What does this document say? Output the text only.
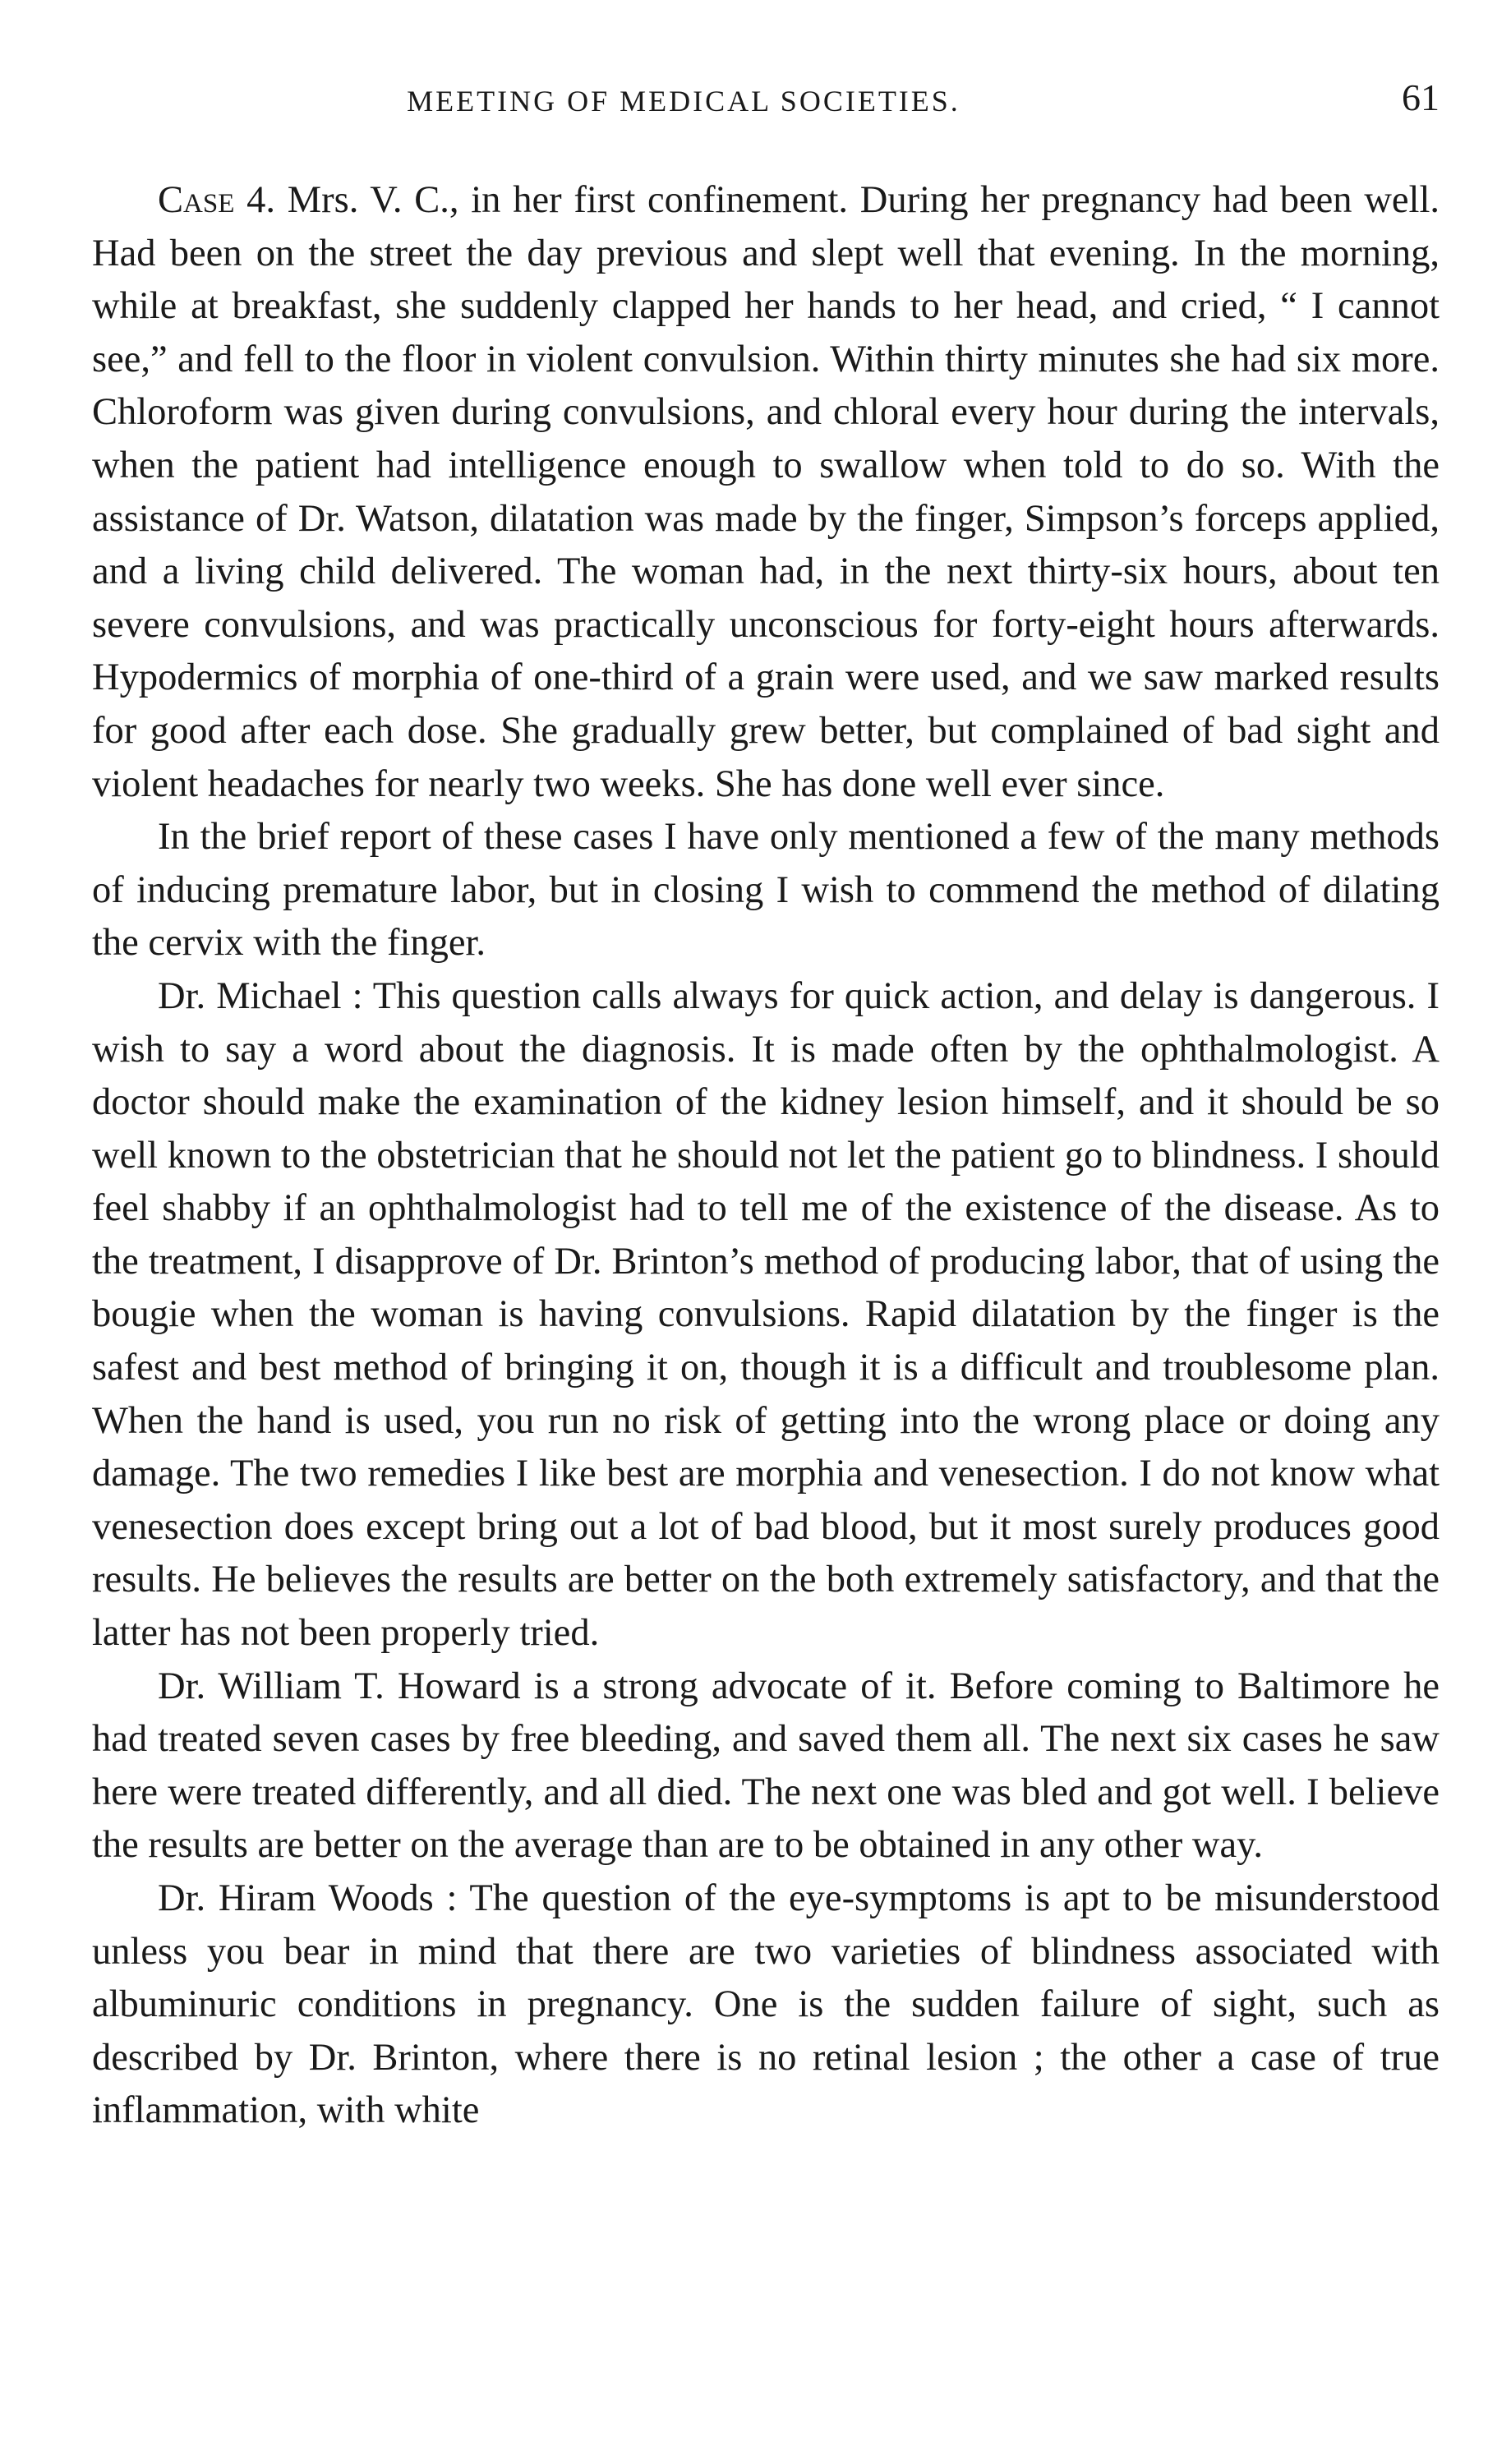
MEETING OF MEDICAL SOCIETIES.	61

Case 4. Mrs. V. C., in her first confinement. During her pregnancy had been well. Had been on the street the day previous and slept well that evening. In the morning, while at breakfast, she suddenly clapped her hands to her head, and cried, “ I cannot see,” and fell to the floor in violent convulsion. Within thirty minutes she had six more. Chloroform was given during convulsions, and chloral every hour during the intervals, when the patient had intelligence enough to swallow when told to do so. With the assistance of Dr. Watson, dilatation was made by the finger, Simpson’s forceps applied, and a living child delivered. The woman had, in the next thirty-six hours, about ten severe convulsions, and was practically unconscious for forty-eight hours afterwards. Hypodermics of morphia of one-third of a grain were used, and we saw marked results for good after each dose. She gradually grew better, but complained of bad sight and violent headaches for nearly two weeks. She has done well ever since.

In the brief report of these cases I have only mentioned a few of the many methods of inducing premature labor, but in closing I wish to commend the method of dilating the cervix with the finger.

Dr. Michael : This question calls always for quick action, and delay is dangerous. I wish to say a word about the diagnosis. It is made often by the ophthalmologist. A doctor should make the examination of the kidney lesion himself, and it should be so well known to the obstetrician that he should not let the patient go to blindness. I should feel shabby if an ophthalmologist had to tell me of the existence of the disease. As to the treatment, I disapprove of Dr. Brinton’s method of producing labor, that of using the bougie when the woman is having convulsions. Rapid dilatation by the finger is the safest and best method of bringing it on, though it is a difficult and troublesome plan. When the hand is used, you run no risk of getting into the wrong place or doing any damage. The two remedies I like best are morphia and venesection. I do not know what venesection does except bring out a lot of bad blood, but it most surely produces good results. He believes the results are better on the both extremely satisfactory, and that the latter has not been properly tried.

Dr. William T. Howard is a strong advocate of it. Before coming to Baltimore he had treated seven cases by free bleeding, and saved them all. The next six cases he saw here were treated differently, and all died. The next one was bled and got well. I believe the results are better on the average than are to be obtained in any other way.

Dr. Hiram Woods : The question of the eye-symptoms is apt to be misunderstood unless you bear in mind that there are two varieties of blindness associated with albuminuric conditions in pregnancy. One is the sudden failure of sight, such as described by Dr. Brinton, where there is no retinal lesion ; the other a case of true inflammation, with white
